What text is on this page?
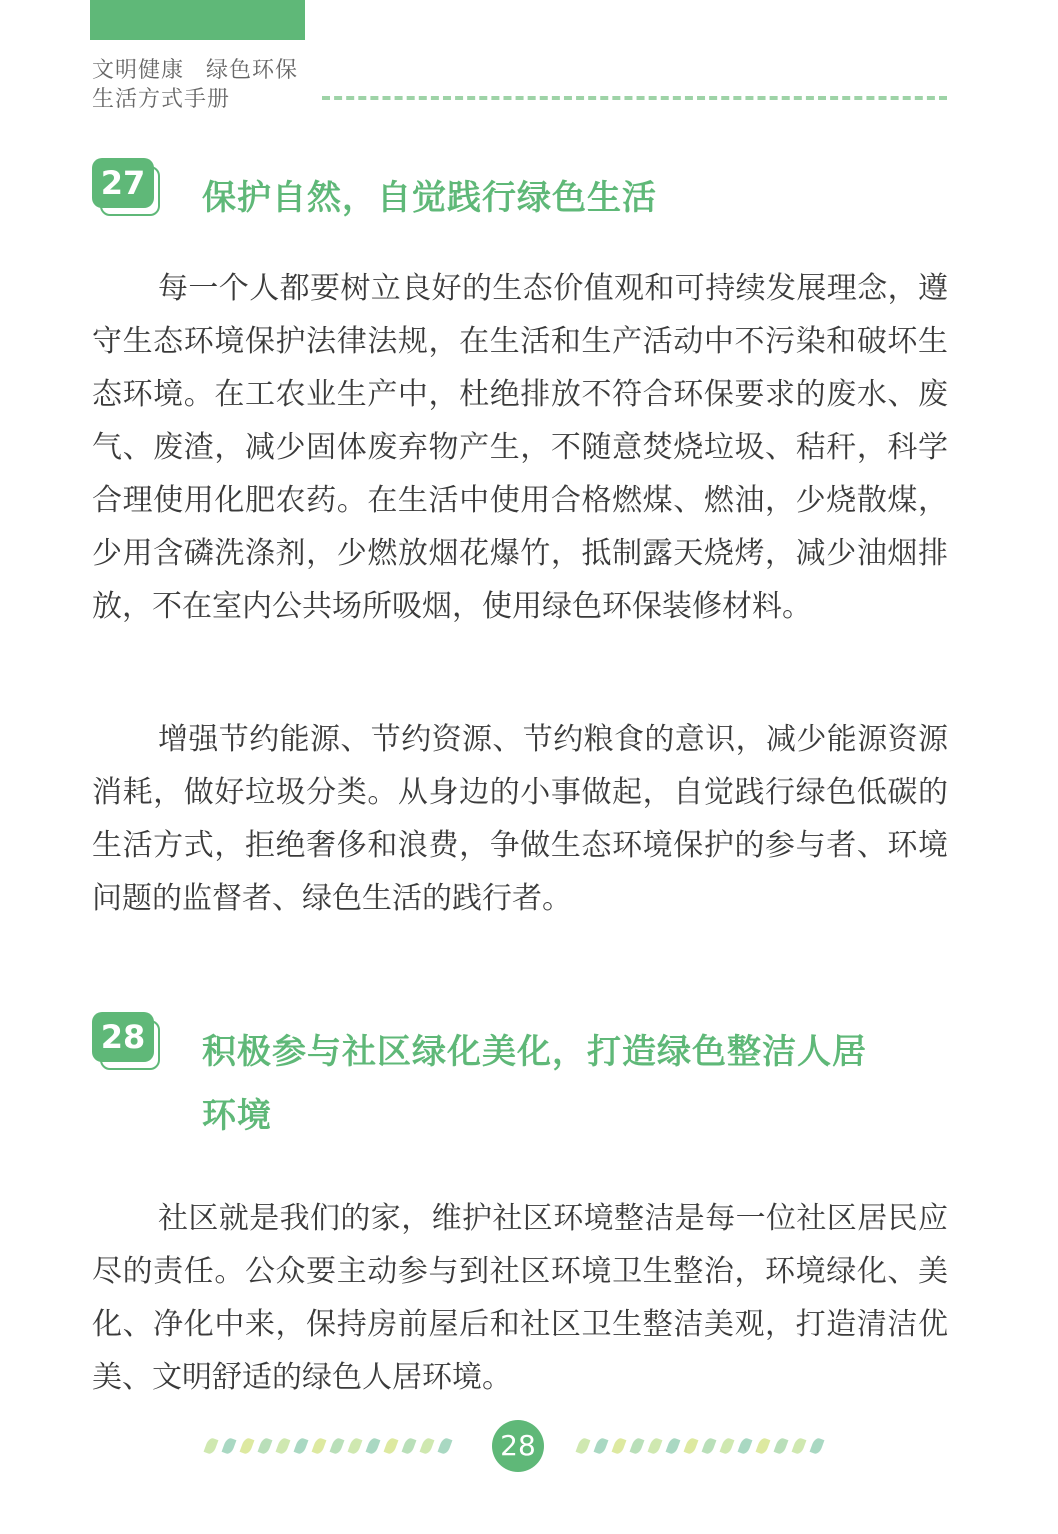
文明健康 绿色环保
生活方式手册
27 保护自然，自觉践行绿色生活
每一个人都要树立良好的生态价值观和可持续发展理念，遵守生态环境保护法律法规，在生活和生产活动中不污染和破坏生态环境。在工农业生产中，杜绝排放不符合环保要求的废水、废气、废渣，减少固体废弃物产生，不随意焚烧垃圾、秸秆，科学合理使用化肥农药。在生活中使用合格燃煤、燃油，少烧散煤，少用含磷洗涤剂，少燃放烟花爆竹，抵制露天烧烤，减少油烟排放，不在室内公共场所吸烟，使用绿色环保装修材料。
增强节约能源、节约资源、节约粮食的意识，减少能源资源消耗，做好垃圾分类。从身边的小事做起，自觉践行绿色低碳的生活方式，拒绝奢侈和浪费，争做生态环境保护的参与者、环境问题的监督者、绿色生活的践行者。
28 积极参与社区绿化美化，打造绿色整洁人居
环境
社区就是我们的家，维护社区环境整洁是每一位社区居民应尽的责任。公众要主动参与到社区环境卫生整治，环境绿化、美化、净化中来，保持房前屋后和社区卫生整洁美观，打造清洁优美、文明舒适的绿色人居环境。
28
